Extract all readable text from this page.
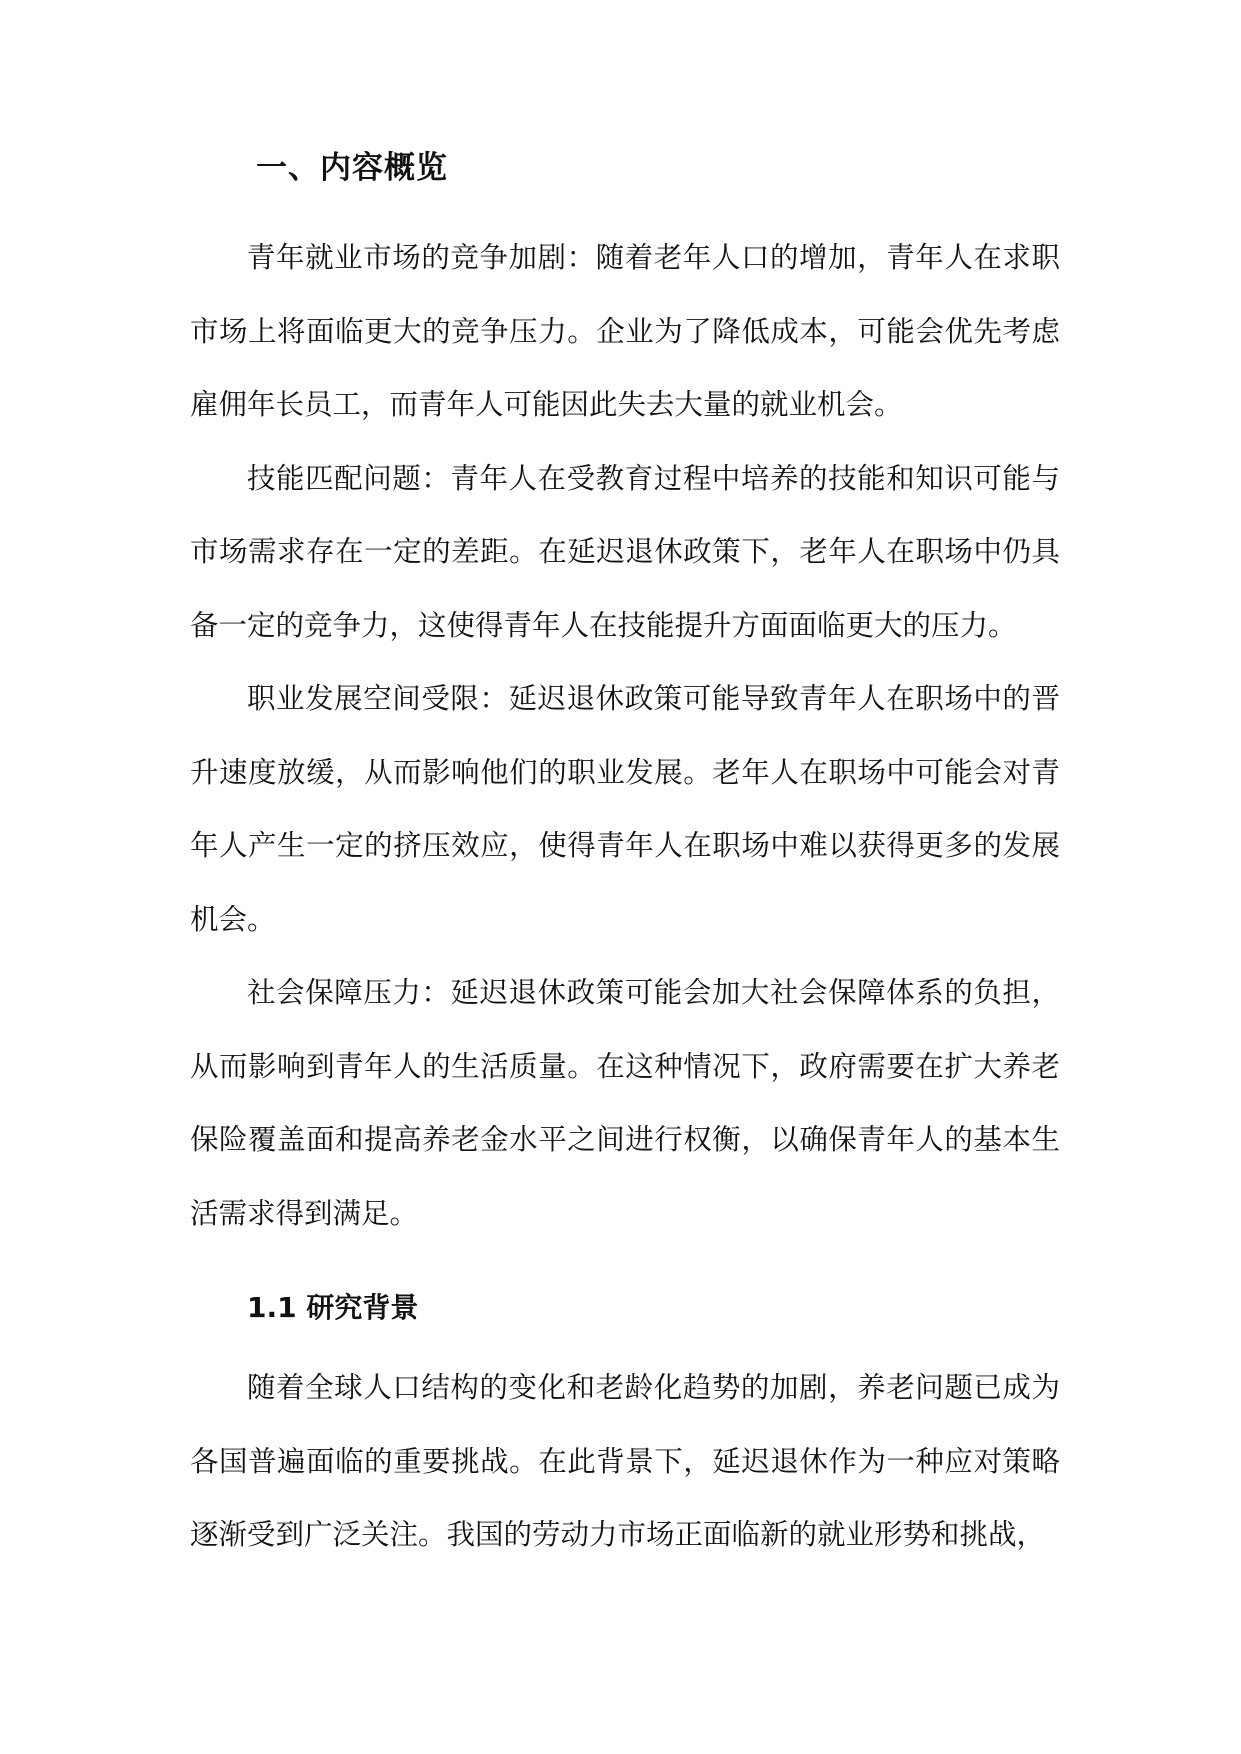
一、内容概览

青年就业市场的竞争加剧：随着老年人口的增加，青年人在求职市场上将面临更大的竞争压力。企业为了降低成本，可能会优先考虑雇佣年长员工，而青年人可能因此失去大量的就业机会。

技能匹配问题：青年人在受教育过程中培养的技能和知识可能与市场需求存在一定的差距。在延迟退休政策下，老年人在职场中仍具备一定的竞争力，这使得青年人在技能提升方面面临更大的压力。

职业发展空间受限：延迟退休政策可能导致青年人在职场中的晋升速度放缓，从而影响他们的职业发展。老年人在职场中可能会对青年人产生一定的挤压效应，使得青年人在职场中难以获得更多的发展机会。

社会保障压力：延迟退休政策可能会加大社会保障体系的负担，从而影响到青年人的生活质量。在这种情况下，政府需要在扩大养老保险覆盖面和提高养老金水平之间进行权衡，以确保青年人的基本生活需求得到满足。

1.1 研究背景

随着全球人口结构的变化和老龄化趋势的加剧，养老问题已成为各国普遍面临的重要挑战。在此背景下，延迟退休作为一种应对策略逐渐受到广泛关注。我国的劳动力市场正面临新的就业形势和挑战，
